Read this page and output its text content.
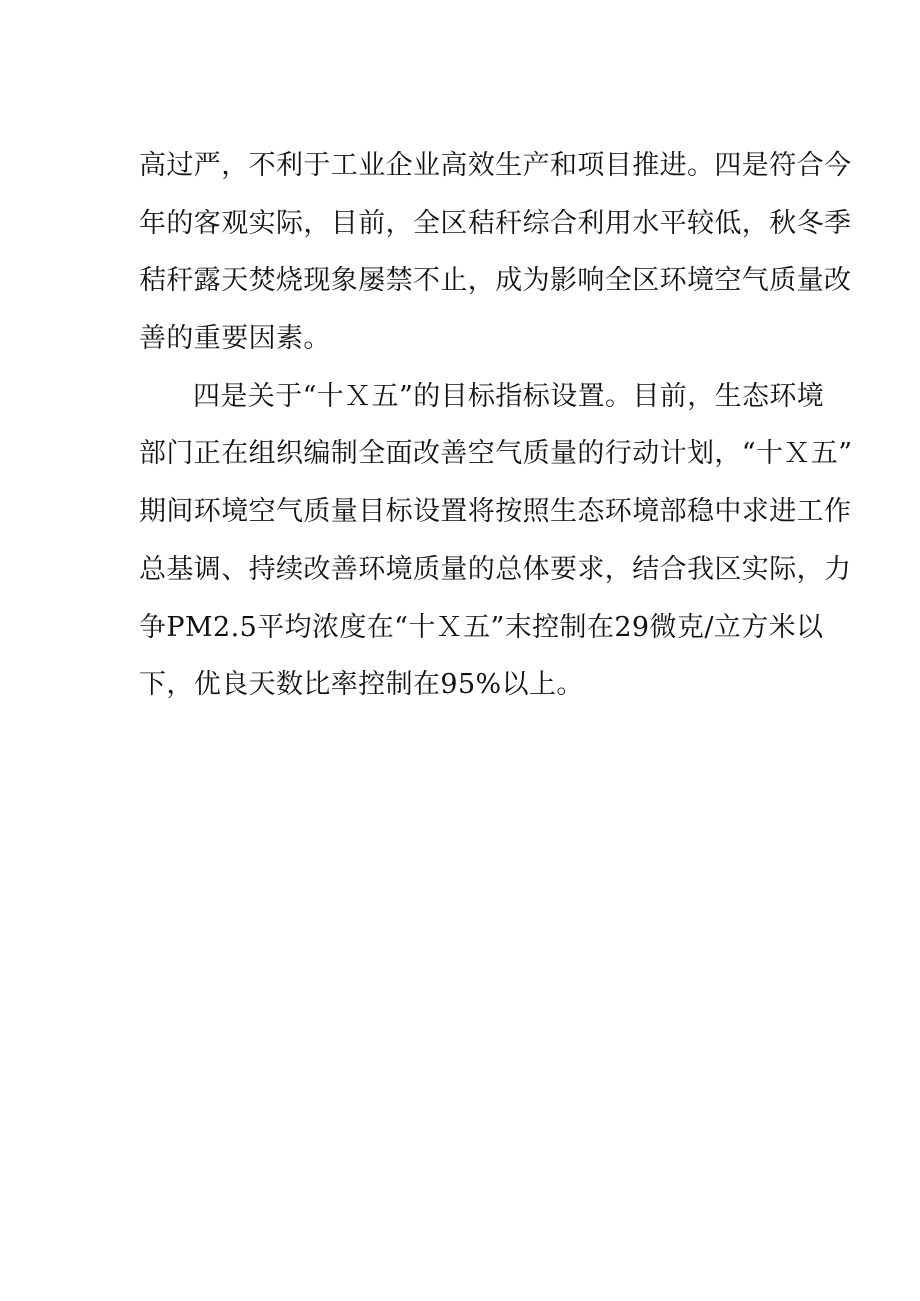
高过严，不利于工业企业高效生产和项目推进。四是符合今
年的客观实际，目前，全区秸秆综合利用水平较低，秋冬季
秸秆露天焚烧现象屡禁不止，成为影响全区环境空气质量改
善的重要因素。

四是关于“十Ｘ五”的目标指标设置。目前，生态环境
部门正在组织编制全面改善空气质量的行动计划，“十Ｘ五”
期间环境空气质量目标设置将按照生态环境部稳中求进工作
总基调、持续改善环境质量的总体要求，结合我区实际，力
争PM2.5平均浓度在“十Ｘ五”末控制在29微克/立方米以
下，优良天数比率控制在95%以上。
